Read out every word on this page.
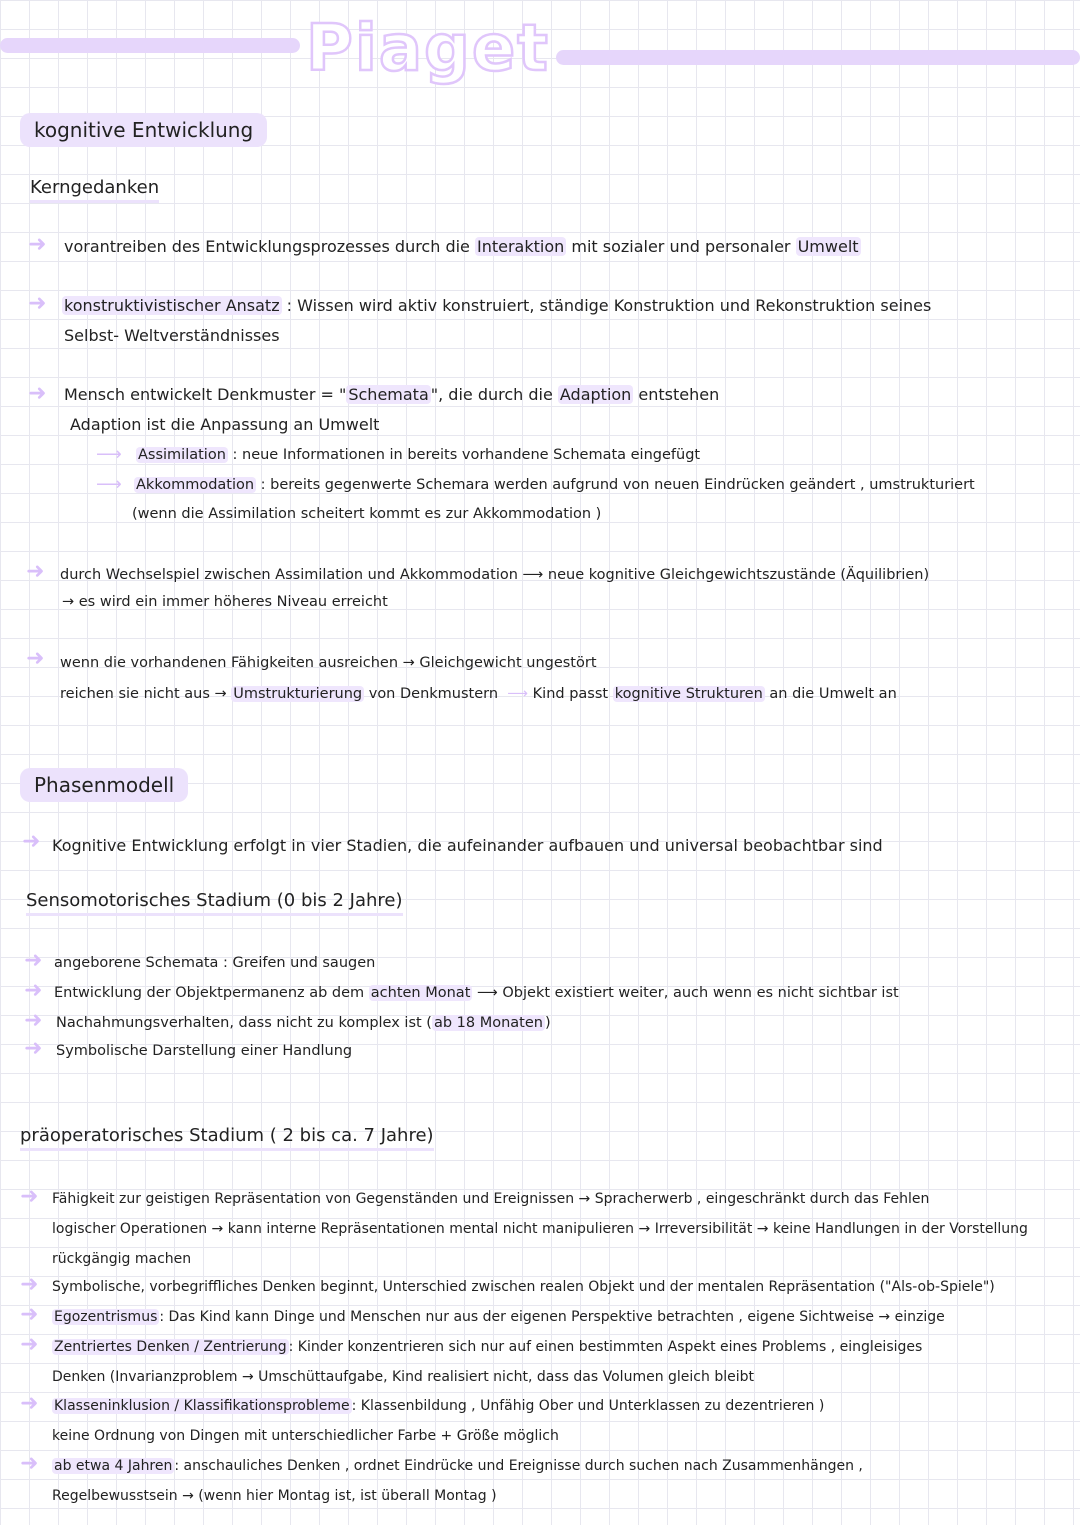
Piaget
kognitive Entwicklung
Kerngedanken
➜ vorantreiben des Entwicklungsprozesses durch die Interaktion mit sozialer und personaler Umwelt
➜ konstruktivistischer Ansatz : Wissen wird aktiv konstruiert, ständige Konstruktion und Rekonstruktion seines
Selbst- Weltverständnisses
➜ Mensch entwickelt Denkmuster = " Schemata ", die durch die Adaption entstehen
Adaption ist die Anpassung an Umwelt
⟶ Assimilation : neue Informationen in bereits vorhandene Schemata eingefügt
⟶ Akkommodation : bereits gegenwerte Schemara werden aufgrund von neuen Eindrücken geändert , umstrukturiert
(wenn die Assimilation scheitert kommt es zur Akkommodation )
➜ durch Wechselspiel zwischen Assimilation und Akkommodation ⟶ neue kognitive Gleichgewichtszustände (Äquilibrien)
→ es wird ein immer höheres Niveau erreicht
➜ wenn die vorhandenen Fähigkeiten ausreichen → Gleichgewicht ungestört
reichen sie nicht aus → Umstrukturierung von Denkmustern  ⟶ Kind passt kognitive Strukturen an die Umwelt an
Phasenmodell
➜ Kognitive Entwicklung erfolgt in vier Stadien, die aufeinander aufbauen und universal beobachtbar sind
Sensomotorisches Stadium (0 bis 2 Jahre)
➜ angeborene Schemata : Greifen und saugen
➜ Entwicklung der Objektpermanenz ab dem achten Monat ⟶ Objekt existiert weiter, auch wenn es nicht sichtbar ist
➜ Nachahmungsverhalten, dass nicht zu komplex ist ( ab 18 Monaten )
➜ Symbolische Darstellung einer Handlung
präoperatorisches Stadium ( 2 bis ca. 7 Jahre)
➜ Fähigkeit zur geistigen Repräsentation von Gegenständen und Ereignissen → Spracherwerb , eingeschränkt durch das Fehlen
logischer Operationen → kann interne Repräsentationen mental nicht manipulieren → Irreversibilität → keine Handlungen in der Vorstellung
rückgängig machen
➜ Symbolische, vorbegriffliches Denken beginnt, Unterschied zwischen realen Objekt und der mentalen Repräsentation ("Als-ob-Spiele")
➜ Egozentrismus : Das Kind kann Dinge und Menschen nur aus der eigenen Perspektive betrachten , eigene Sichtweise → einzige
➜ Zentriertes Denken / Zentrierung : Kinder konzentrieren sich nur auf einen bestimmten Aspekt eines Problems , eingleisiges
Denken (Invarianzproblem → Umschüttaufgabe, Kind realisiert nicht, dass das Volumen gleich bleibt
➜ Klasseninklusion / Klassifikationsprobleme : Klassenbildung , Unfähig Ober und Unterklassen zu dezentrieren )
keine Ordnung von Dingen mit unterschiedlicher Farbe + Größe möglich
➜ ab etwa 4 Jahren : anschauliches Denken , ordnet Eindrücke und Ereignisse durch suchen nach Zusammenhängen ,
Regelbewusstsein → (wenn hier Montag ist, ist überall Montag )
